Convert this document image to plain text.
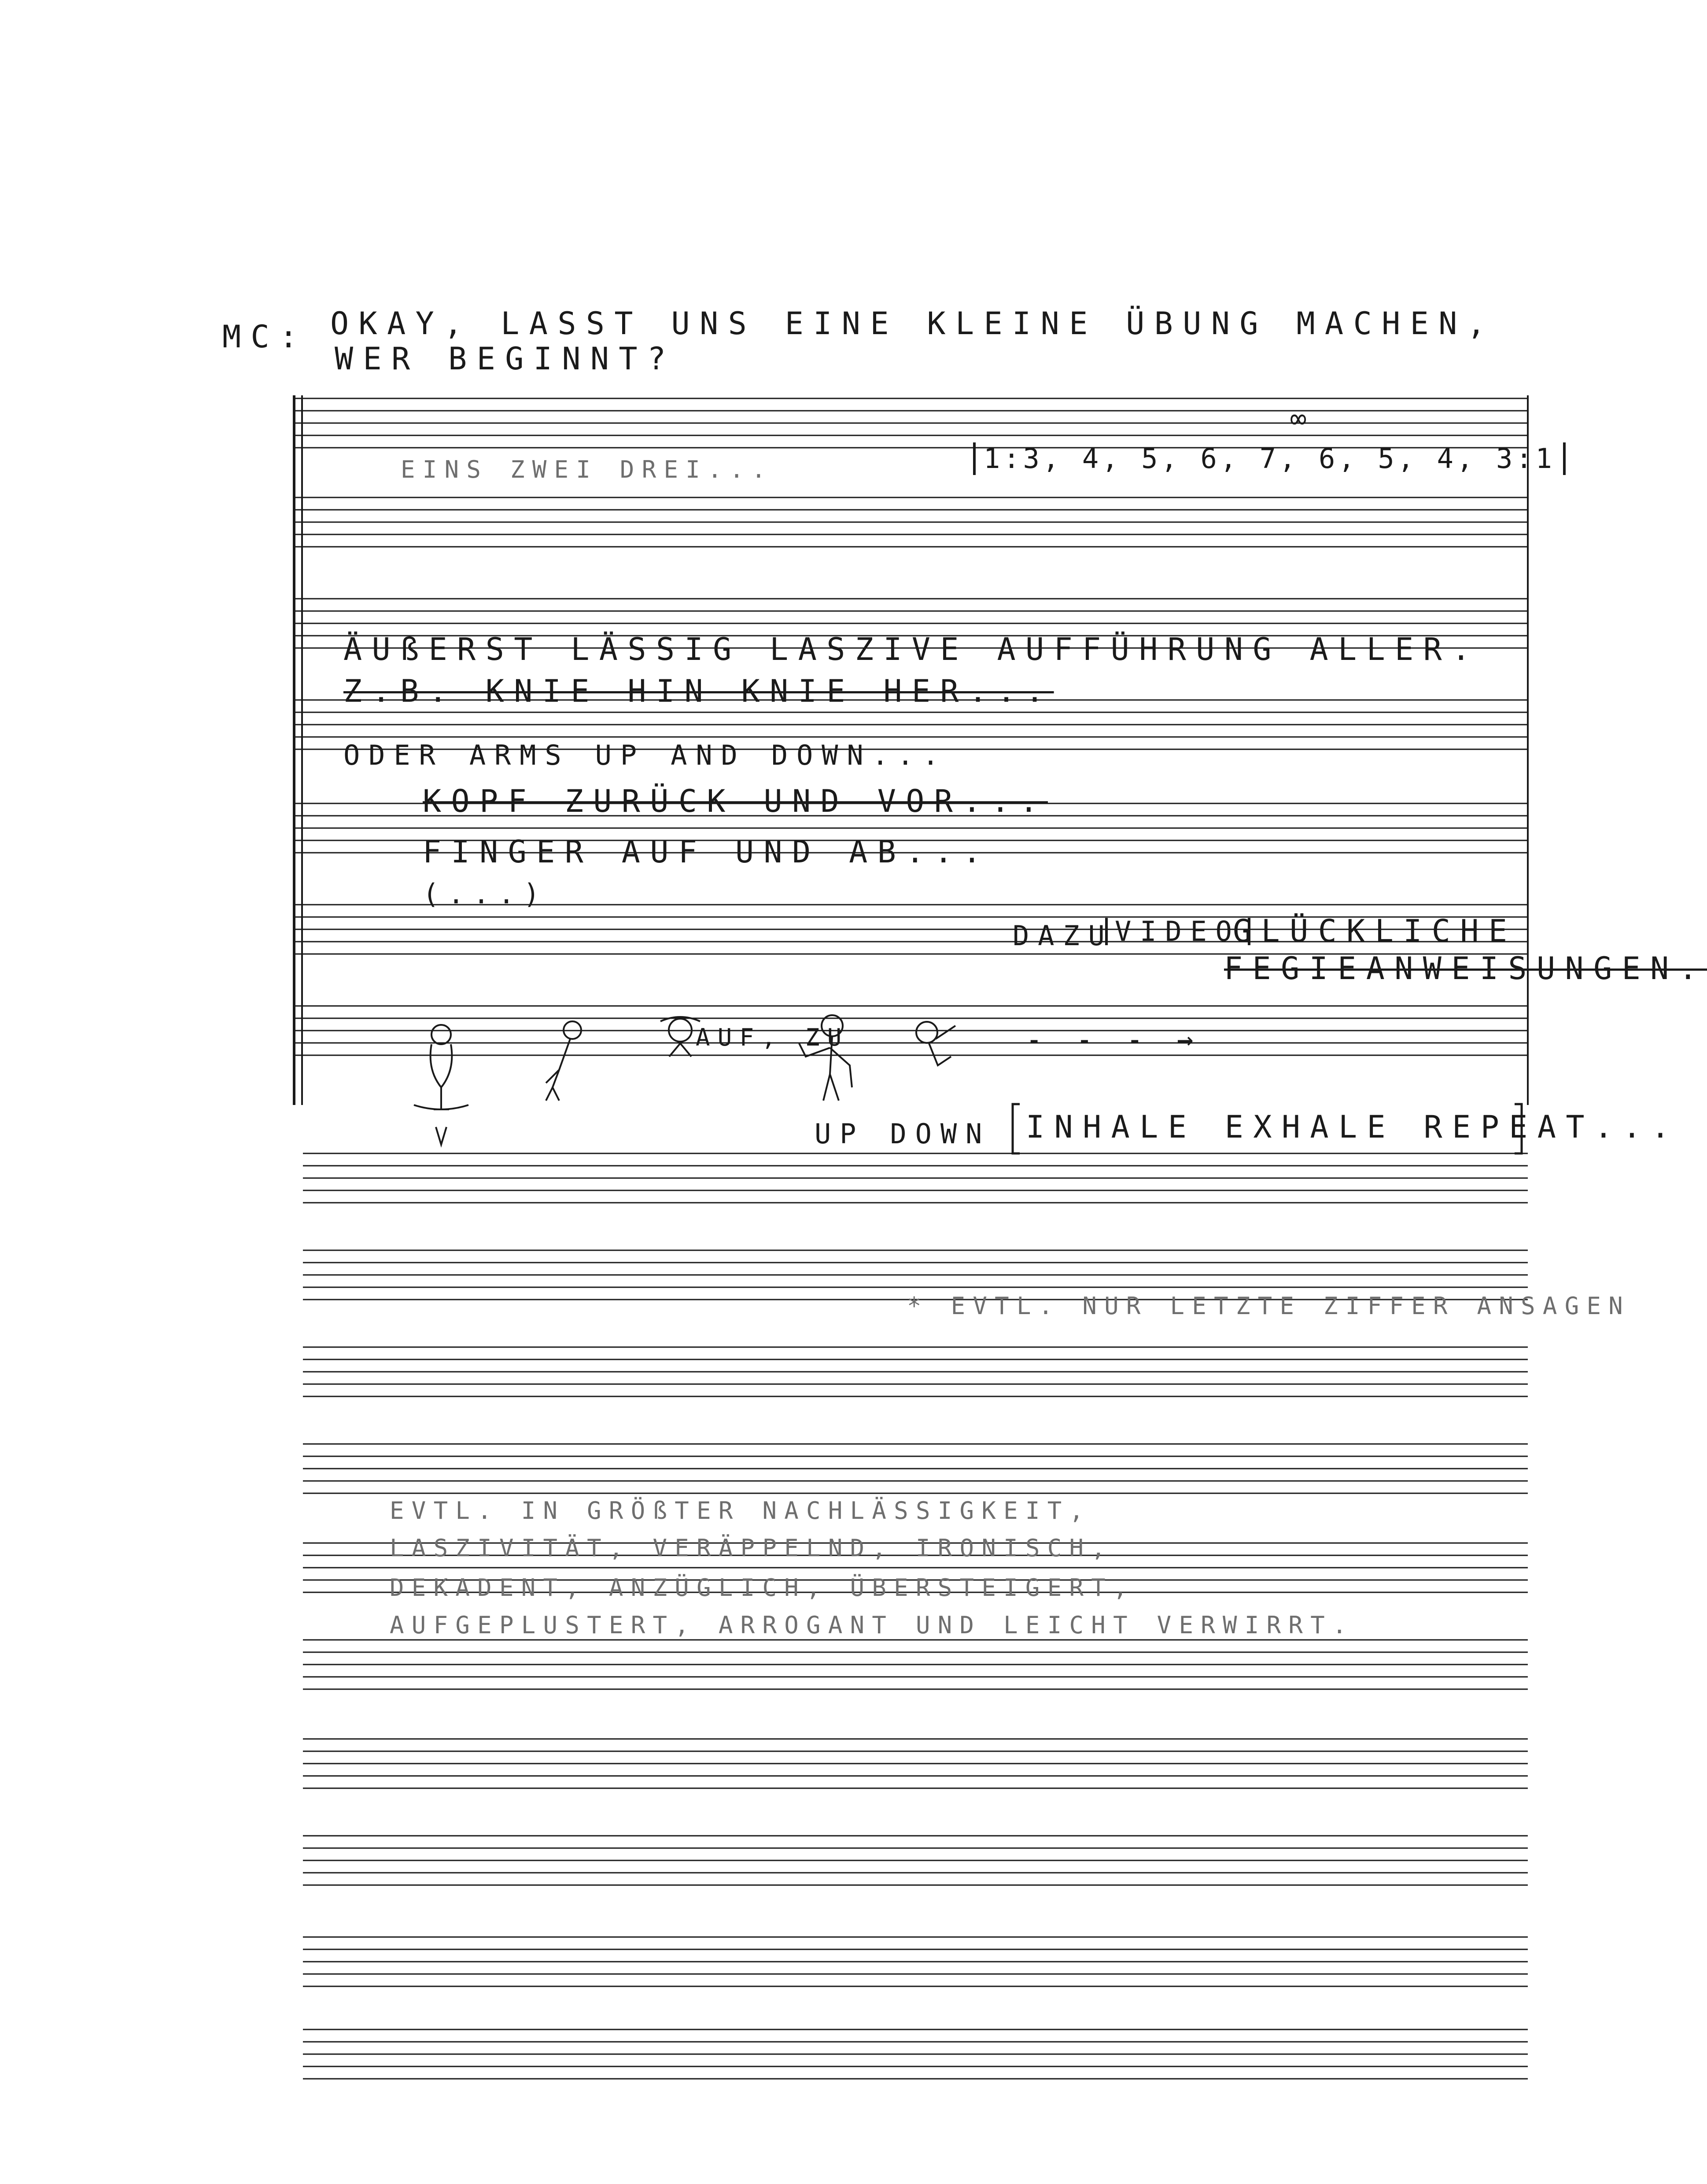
MC: OKAY, LASST UNS EINE KLEINE ÜBUNG MACHEN,
WER BEGINNT?
EINS ZWEI DREI...	1:3, 4, 5, 6, 7, 6, 5, 4, 3:1
∞
ÄUßERST LÄSSIG LASZIVE AUFFÜHRUNG ALLER.
Z.B. KNIE HIN KNIE HER...
ODER ARMS UP AND DOWN...
KOPF ZURÜCK UND VOR...
FINGER AUF UND AB...
(...)
DAZU VIDEO
GLÜCKLICHE
FEGIEANWEISUNGEN.
AUF, ZU	- - - →
UP DOWN INHALE EXHALE REPEAT...
* EVTL. NUR LETZTE ZIFFER ANSAGEN
EVTL. IN GRÖßTER NACHLÄSSIGKEIT,
LASZIVITÄT, VERÄPPELND, IRONISCH,
DEKADENT, ANZÜGLICH, ÜBERSTEIGERT,
AUFGEPLUSTERT, ARROGANT UND LEICHT VERWIRRT.
